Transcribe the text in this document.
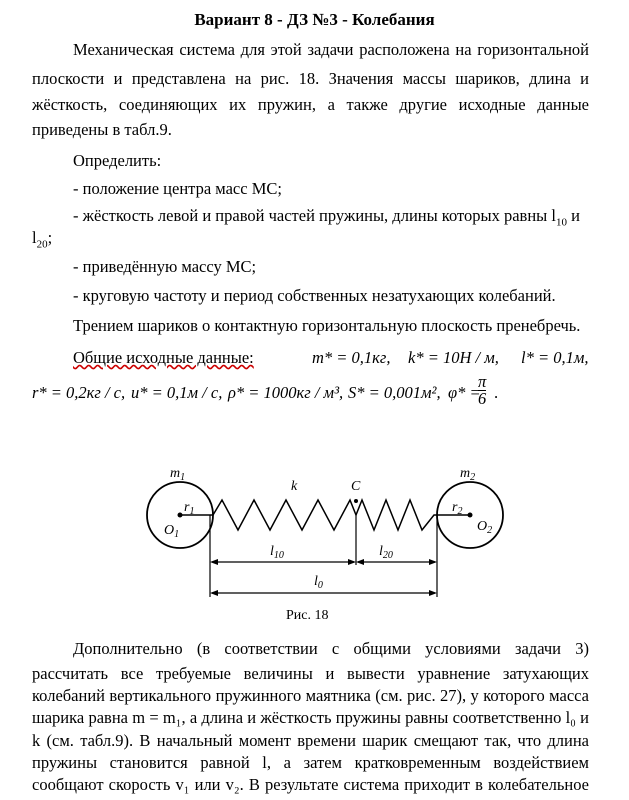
Вариант 8 - ДЗ №3 - Колебания
Механическая система для этой задачи расположена на горизонтальной
плоскости и представлена на рис. 18. Значения массы шариков, длина и
жёсткость, соединяющих их пружин, а также другие исходные данные
приведены в табл.9.
Определить:
- положение центра масс МС;
- жёсткость левой и правой частей пружины, длины которых равны $l_{10}$ и
$l_{20}$;
- приведённую массу МС;
- круговую частоту и период собственных незатухающих колебаний.
Трением шариков о контактную горизонтальную плоскость пренебречь.
Общие исходные данные:	m* = 0,1кг, k* = 10Н / м, l* = 0,1м,
r* = 0,2кг / с, u* = 0,1м / с, ρ* = 1000кг / м³, S* = 0,001м², φ* =
$\frac{\pi}{6}$ .
$m_1$	$m_2$
k	C
$r_1$	$r_2$
$O_1$
$O_2$
$l_{10}$	$l_{20}$
$l_0$
Рис. 18
Дополнительно (в соответствии с общими условиями задачи 3)
рассчитать все требуемые величины и вывести уравнение затухающих
колебаний вертикального пружинного маятника (см. рис. 27), у которого масса
шарика равна m = m₁, а длина и жёсткость пружины равны соответственно l₀ и
k (см. табл.9). В начальный момент времени шарик смещают так, что длина
пружины становится равной l, а затем кратковременным воздействием
сообщают скорость v₁ или v₂. В результате система приходит в колебательное
